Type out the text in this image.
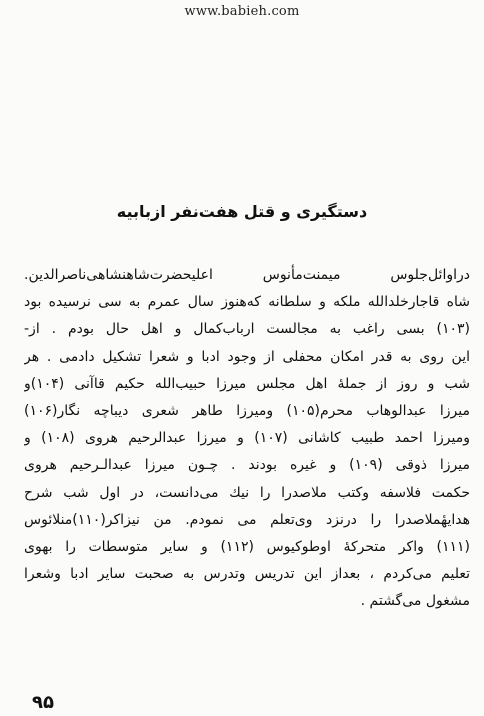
www.babieh.com
دستگیری و قتل هفت‌نفر ازبابیه
دراوائل‌جلوس میمنت‌مأنوس اعلیحضرت‌شاهنشاهی‌ناصرالدین.
شاه قاجارخلدالله ملکه و سلطانه که‌هنوز سال عمرم به سی نرسیده بود
(۱۰۳) بسی راغب به مجالست ارباب‌کمال و اهل حال بودم . از-
این روی به قدر امکان محفلی از وجود ادبا و شعرا تشکیل دادمی . هر
شب و روز از جملهٔ اهل مجلس میرزا حبیب‌الله حکیم قاآنی (۱۰۴)و
میرزا عبدالوهاب محرم(۱۰۵) ومیرزا طاهر شعری دیباچه نگار(۱۰۶)
ومیرزا احمد طبیب کاشانی (۱۰۷) و میرزا عبدالرحیم هروی (۱۰۸) و
میرزا ذوقی (۱۰۹) و غیره بودند . چـون میرزا عبدالـرحیم هروی
حکمت فلاسفه وکتب ملاصدرا را نیك می‌دانست، در اول شب شرح
هدایهٔملاصدرا را درنزد وی‌تعلم می نمودم. من نیزاکر(۱۱۰)منلائوس
(۱۱۱) واکر متحرکهٔ اوطوکیوس (۱۱۲) و سایر متوسطات را بهوی
تعلیم می‌کردم ، بعداز این تدریس وتدرس به صحبت سایر ادبا وشعرا
مشغول می‌گشتم .
۹۵
